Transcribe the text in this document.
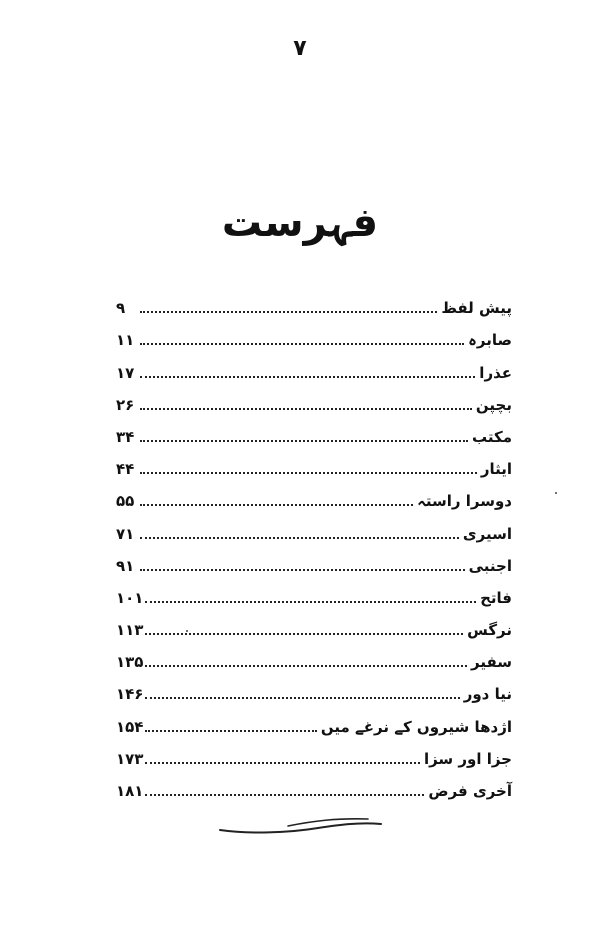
۷
فہرست
پیش لفظ
۹
صابرہ
۱۱
عذرا
۱۷
بچپن
۲۶
مکتب
۳۴
ایثار
۴۴
دوسرا راستہ
۵۵
اسیری
۷۱
اجنبی
۹۱
فاتح
۱۰۱
نرگس
۱۱۳
سفیر
۱۳۵
نیا دور
۱۴۶
اژدھا شیروں کے نرغے میں
۱۵۴
جزا اور سزا
۱۷۳
آخری فرض
۱۸۱
